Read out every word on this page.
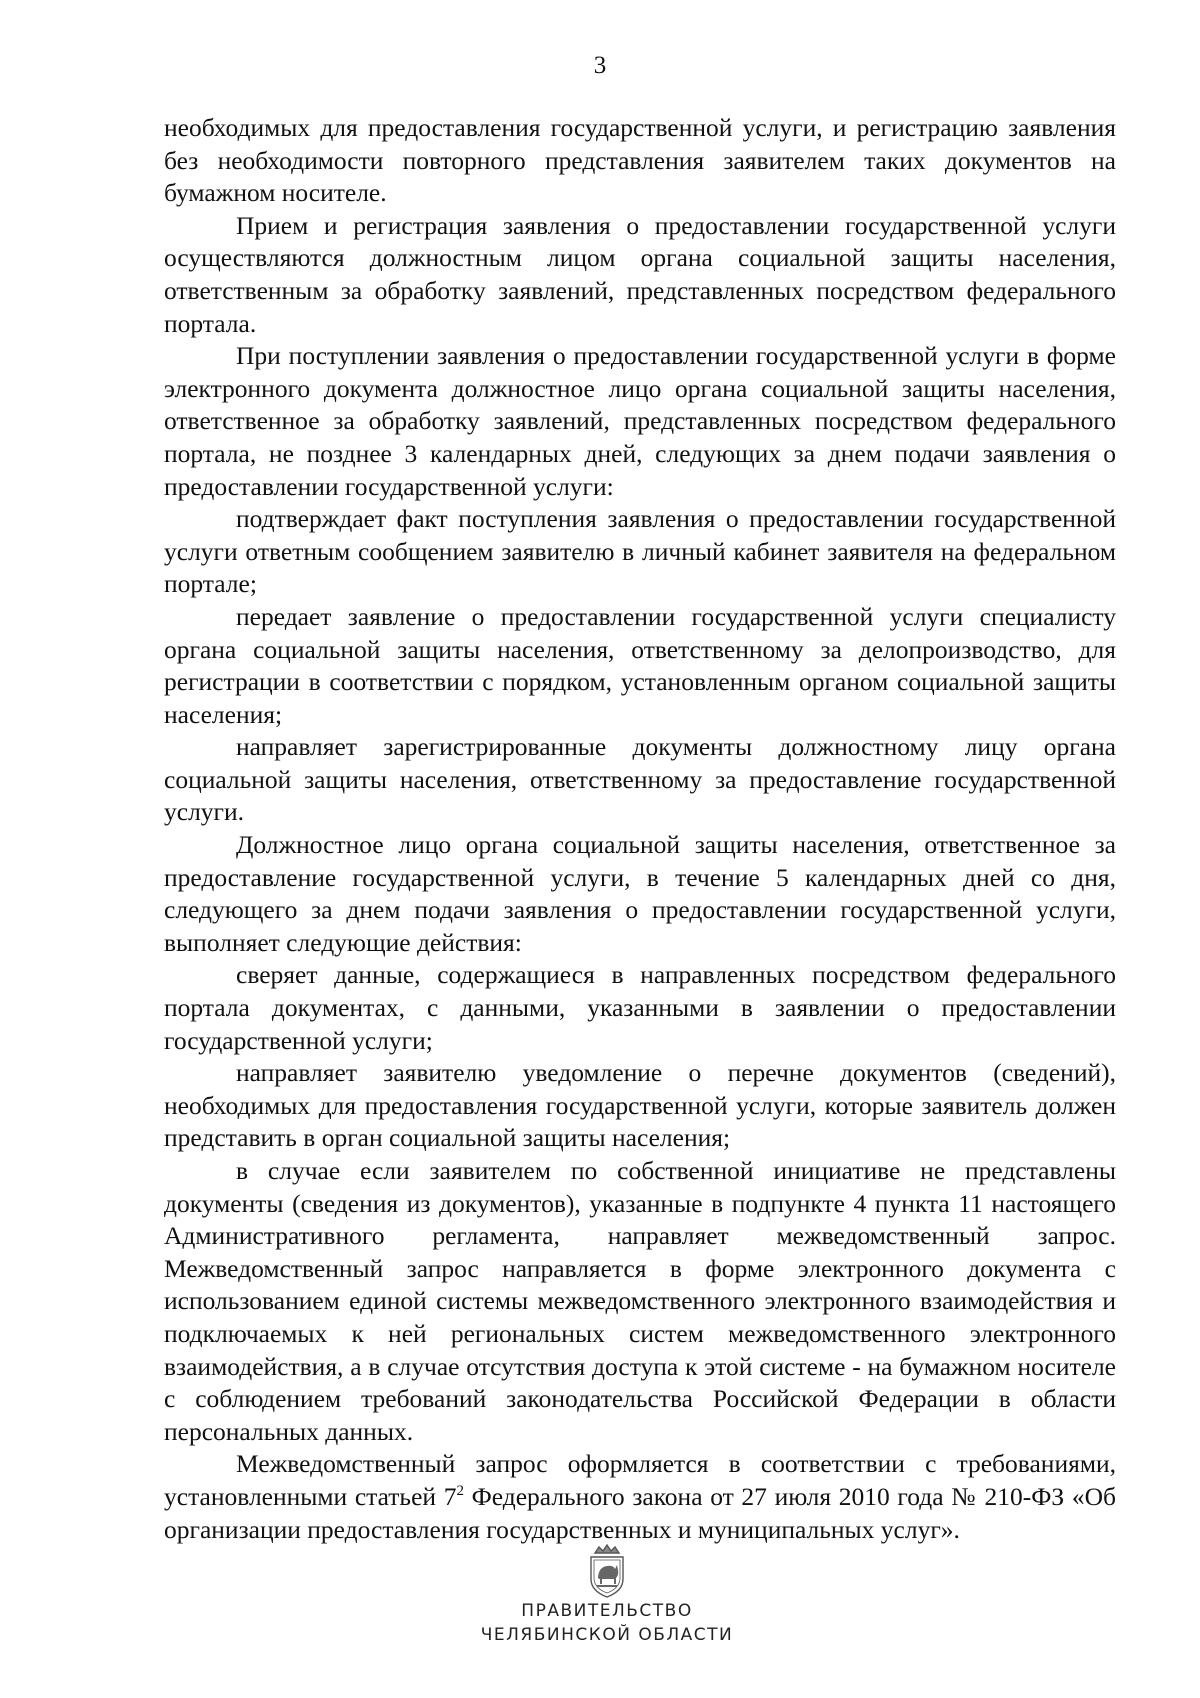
3

необходимых для предоставления государственной услуги, и регистрацию заявления без необходимости повторного представления заявителем таких документов на бумажном носителе.

Прием и регистрация заявления о предоставлении государственной услуги осуществляются должностным лицом органа социальной защиты населения, ответственным за обработку заявлений, представленных посредством федерального портала.

При поступлении заявления о предоставлении государственной услуги в форме электронного документа должностное лицо органа социальной защиты населения, ответственное за обработку заявлений, представленных посредством федерального портала, не позднее 3 календарных дней, следующих за днем подачи заявления о предоставлении государственной услуги:

подтверждает факт поступления заявления о предоставлении государственной услуги ответным сообщением заявителю в личный кабинет заявителя на федеральном портале;

передает заявление о предоставлении государственной услуги специалисту органа социальной защиты населения, ответственному за делопроизводство, для регистрации в соответствии с порядком, установленным органом социальной защиты населения;

направляет зарегистрированные документы должностному лицу органа социальной защиты населения, ответственному за предоставление государственной услуги.

Должностное лицо органа социальной защиты населения, ответственное за предоставление государственной услуги, в течение 5 календарных дней со дня, следующего за днем подачи заявления о предоставлении государственной услуги, выполняет следующие действия:

сверяет данные, содержащиеся в направленных посредством федерального портала документах, с данными, указанными в заявлении о предоставлении государственной услуги;

направляет заявителю уведомление о перечне документов (сведений), необходимых для предоставления государственной услуги, которые заявитель должен представить в орган социальной защиты населения;

в случае если заявителем по собственной инициативе не представлены документы (сведения из документов), указанные в подпункте 4 пункта 11 настоящего Административного регламента, направляет межведомственный запрос. Межведомственный запрос направляется в форме электронного документа с использованием единой системы межведомственного электронного взаимодействия и подключаемых к ней региональных систем межведомственного электронного взаимодействия, а в случае отсутствия доступа к этой системе - на бумажном носителе с соблюдением требований законодательства Российской Федерации в области персональных данных.

Межведомственный запрос оформляется в соответствии с требованиями, установленными статьей $7^2$ Федерального закона от 27 июля 2010 года № 210-ФЗ «Об организации предоставления государственных и муниципальных услуг».

ПРАВИТЕЛЬСТВО
ЧЕЛЯБИНСКОЙ ОБЛАСТИ
